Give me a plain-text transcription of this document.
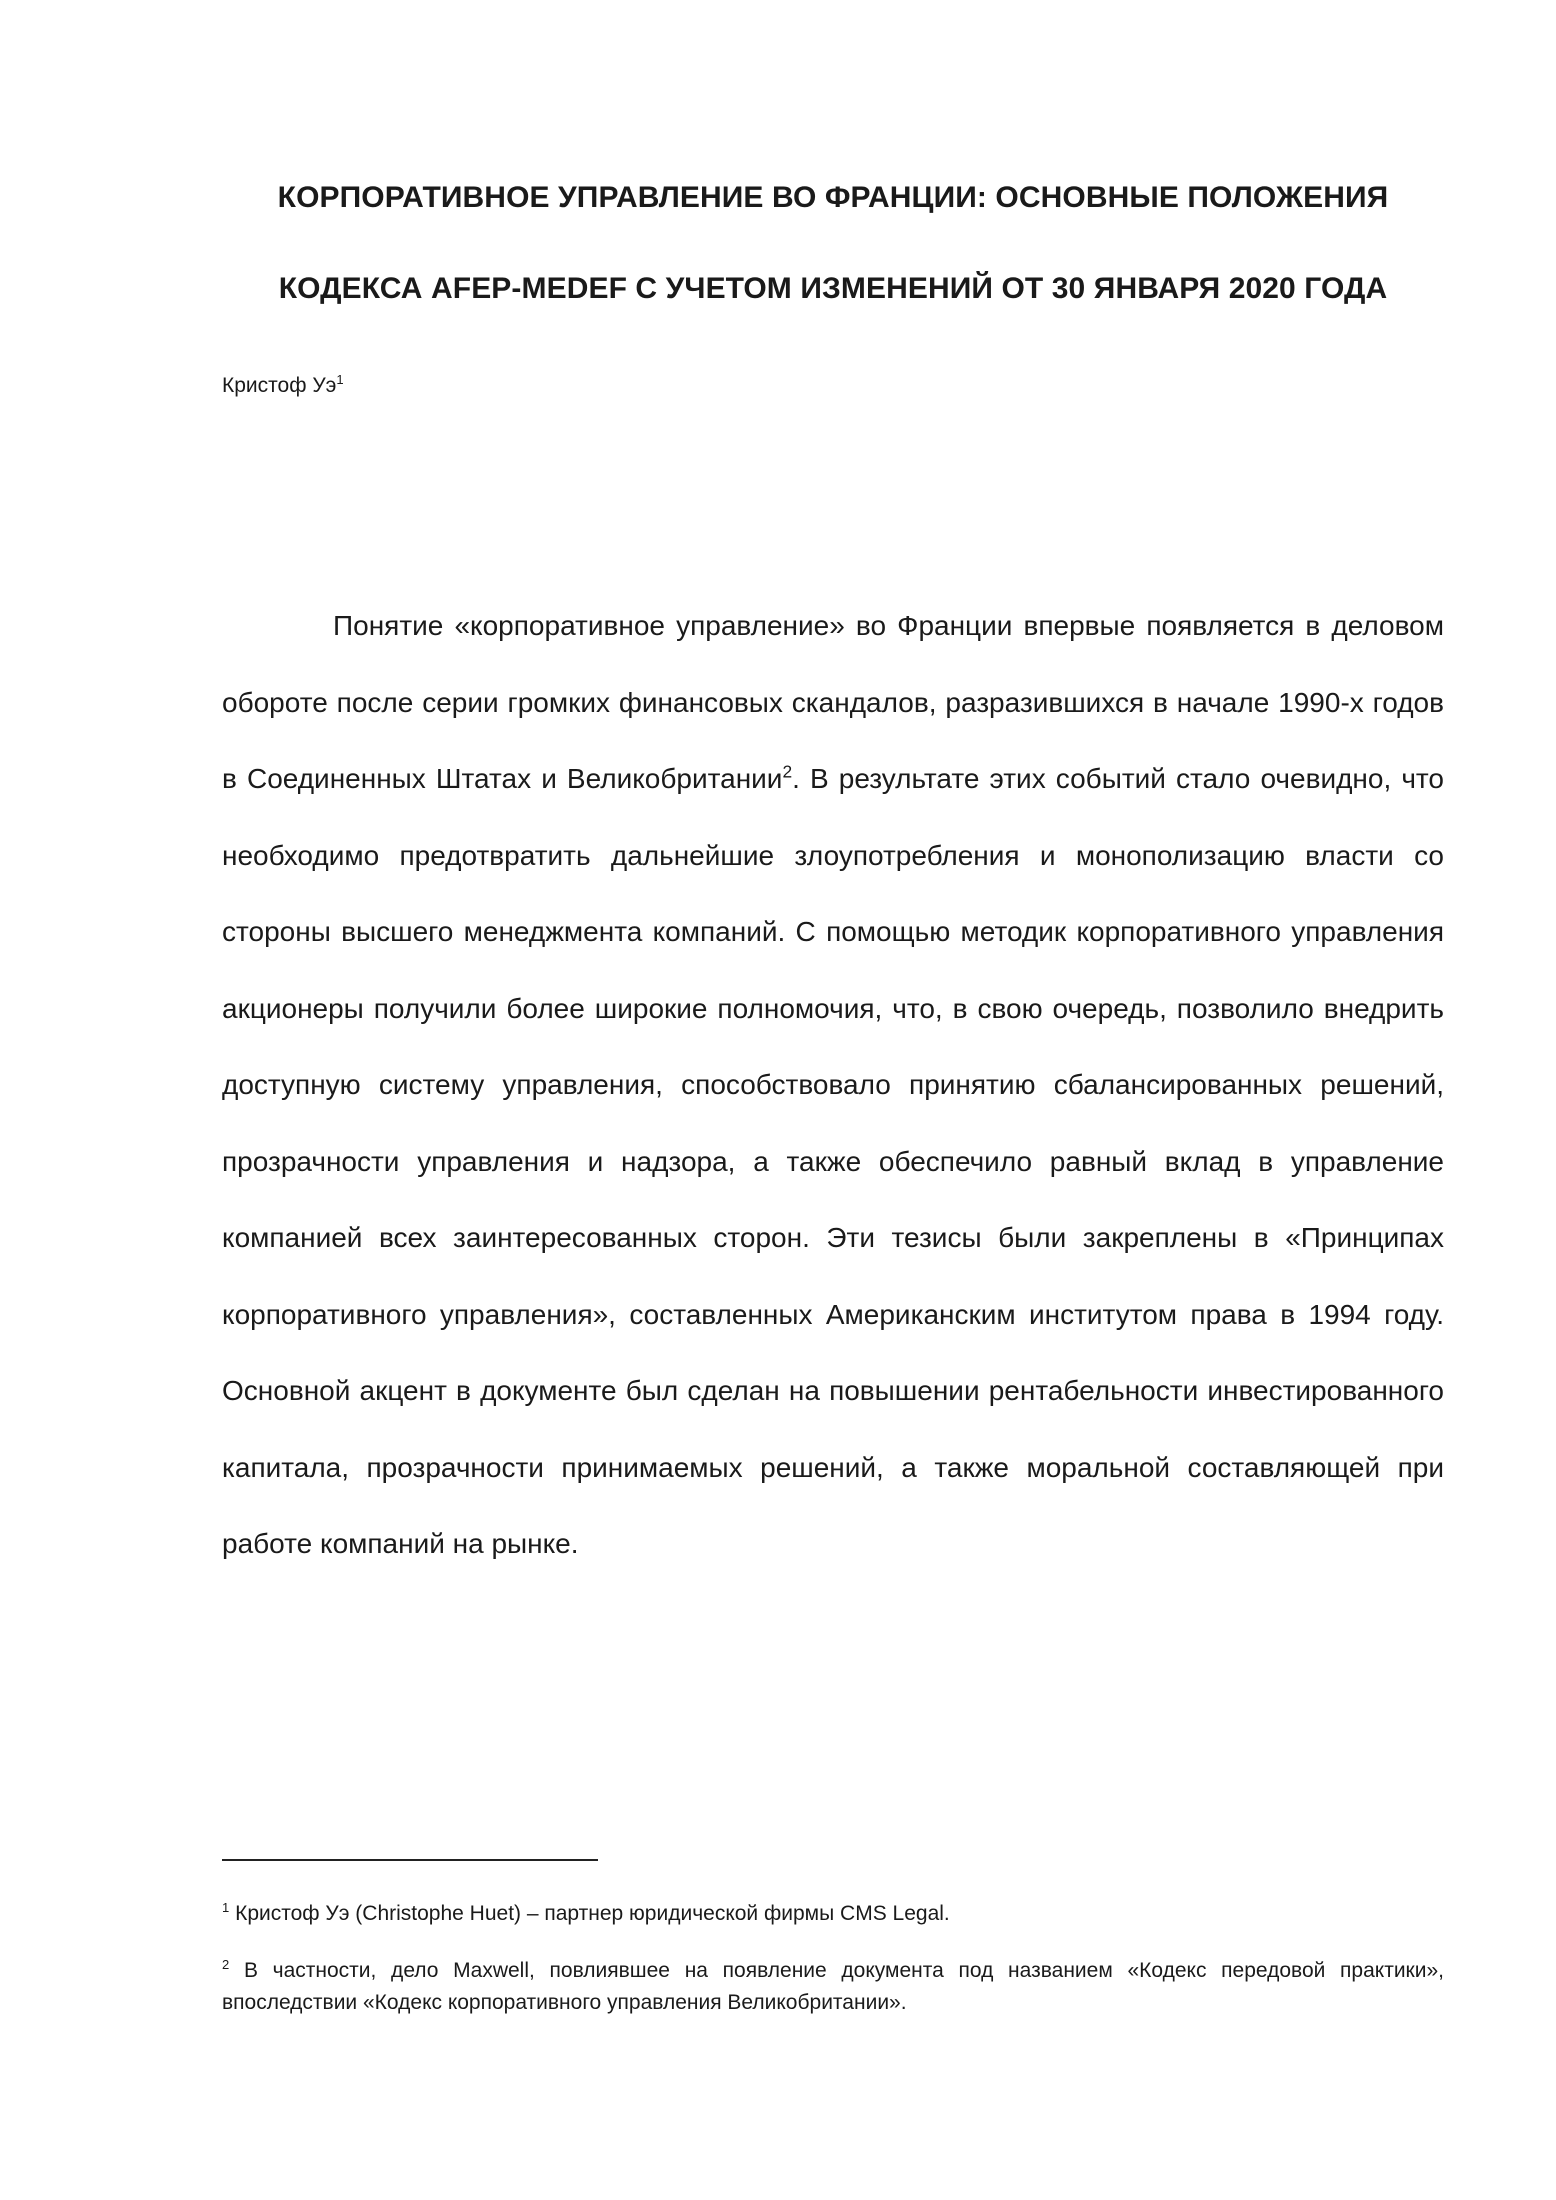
КОРПОРАТИВНОЕ УПРАВЛЕНИЕ ВО ФРАНЦИИ: ОСНОВНЫЕ ПОЛОЖЕНИЯ
КОДЕКСА AFEP-MEDEF С УЧЕТОМ ИЗМЕНЕНИЙ ОТ 30 ЯНВАРЯ 2020 ГОДА

Кристоф $Уэ^1$

Понятие «корпоративное управление» во Франции впервые появляется в деловом обороте после серии громких финансовых скандалов, разразившихся в начале 1990-х годов в Соединенных Штатах и Великобритании$^2$. В результате этих событий стало очевидно, что необходимо предотвратить дальнейшие злоупотребления и монополизацию власти со стороны высшего менеджмента компаний. С помощью методик корпоративного управления акционеры получили более широкие полномочия, что, в свою очередь, позволило внедрить доступную систему управления, способствовало принятию сбалансированных решений, прозрачности управления и надзора, а также обеспечило равный вклад в управление компанией всех заинтересованных сторон. Эти тезисы были закреплены в «Принципах корпоративного управления», составленных Американским институтом права в 1994 году. Основной акцент в документе был сделан на повышении рентабельности инвестированного капитала, прозрачности принимаемых решений, а также моральной составляющей при работе компаний на рынке.

$^1$ Кристоф Уэ (Christophe Huet) – партнер юридической фирмы CMS Legal.

$^2$ В частности, дело Maxwell, повлиявшее на появление документа под названием «Кодекс передовой практики», впоследствии «Кодекс корпоративного управления Великобритании».
